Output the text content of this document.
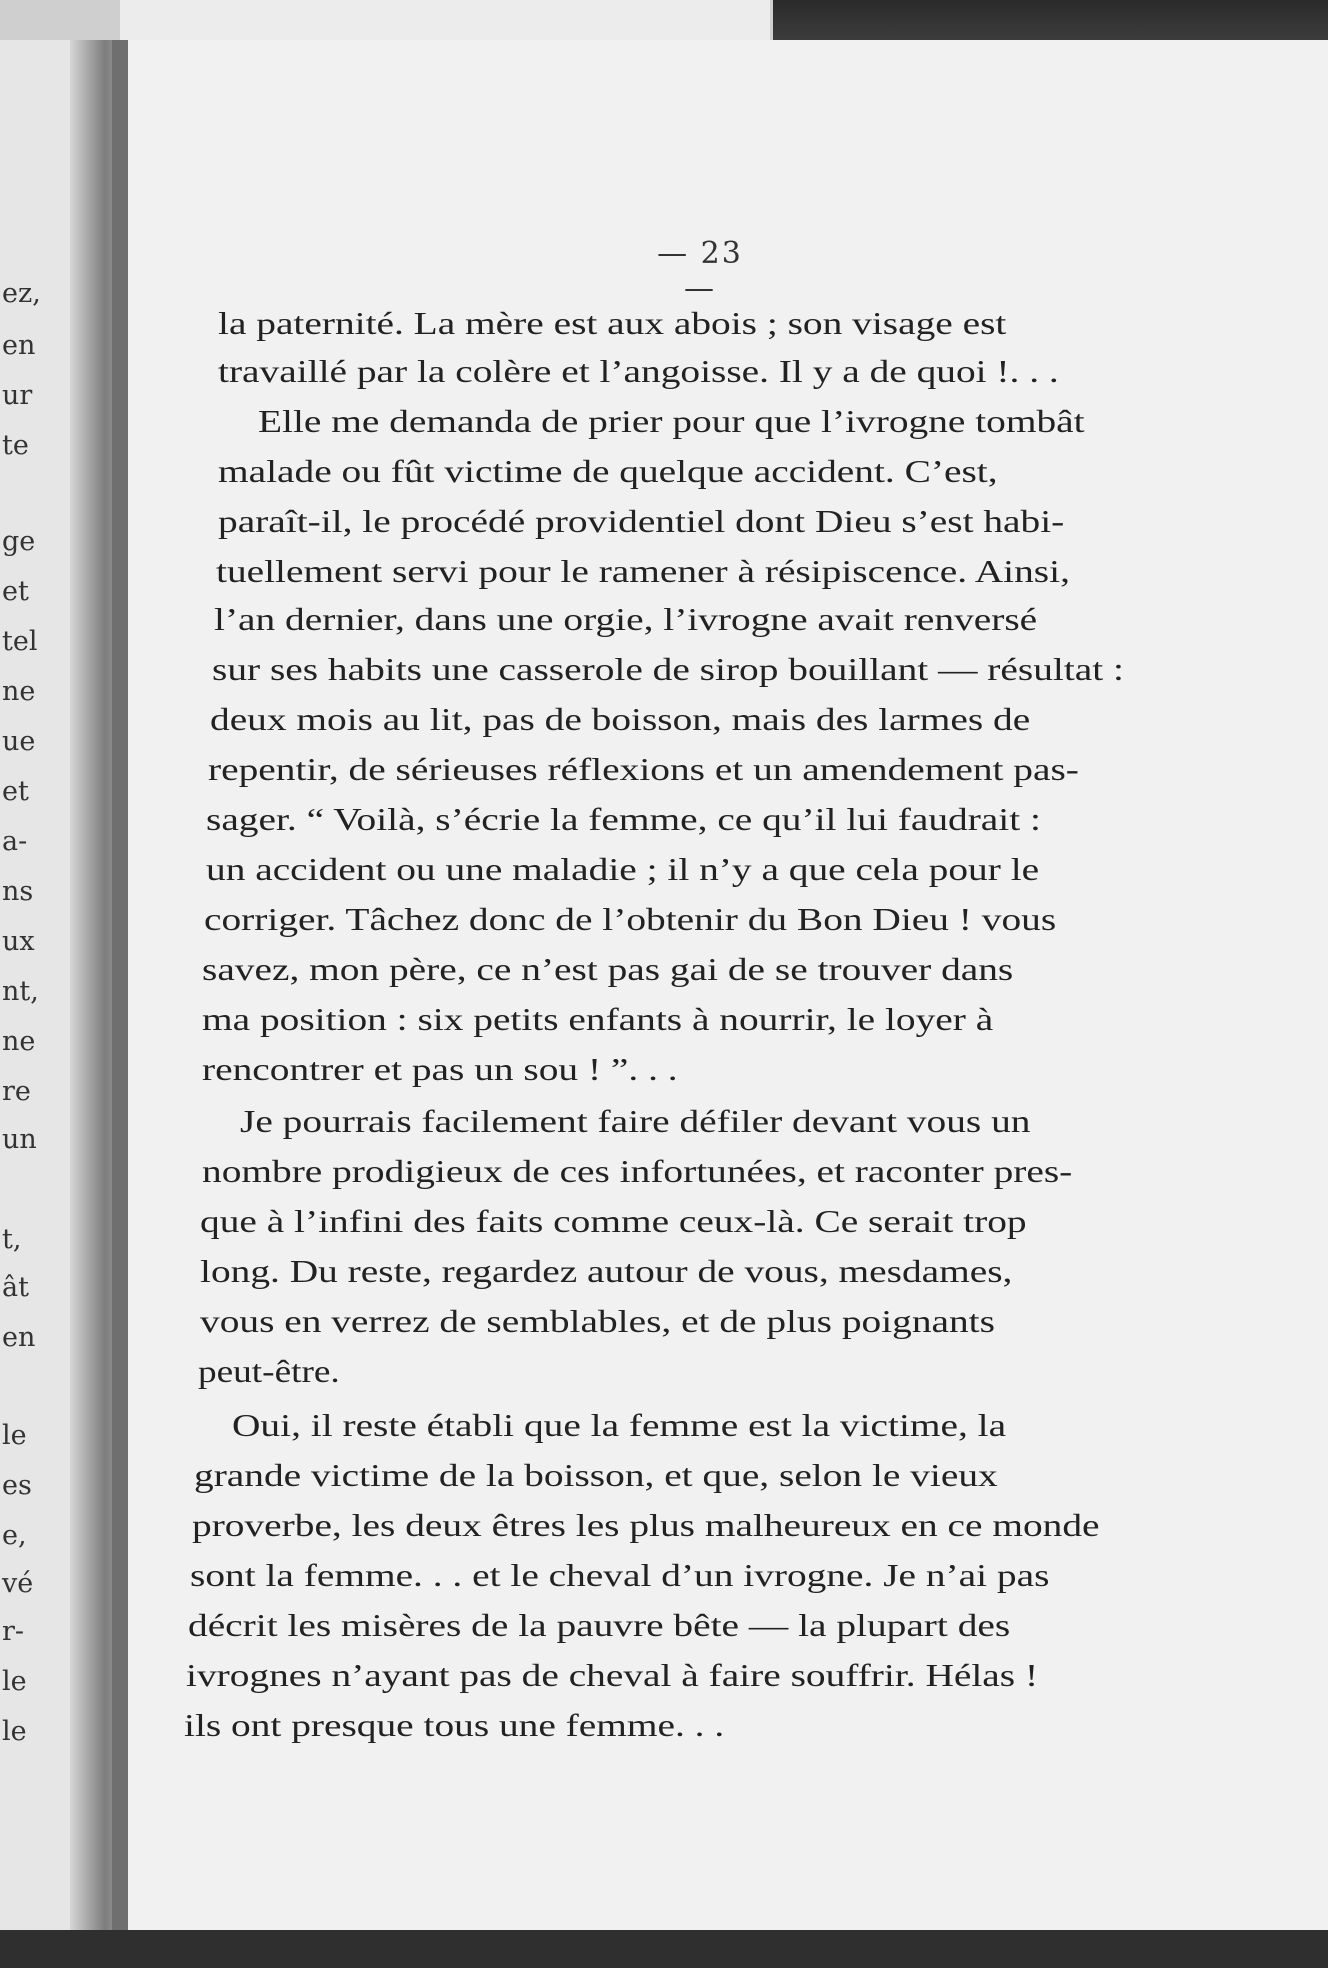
ez,
en
ur
te
ge
et
tel
ne
ue
et
a-
ns
ux
nt,
ne
re
un
t,
ât
en
le
es
e,
vé
r-
le
le
— 23 —
la paternité. La mère est aux abois ; son visage est
travaillé par la colère et l’angoisse. Il y a de quoi !. . .
Elle me demanda de prier pour que l’ivrogne tombât
malade ou fût victime de quelque accident. C’est,
paraît-il, le procédé providentiel dont Dieu s’est habi-
tuellement servi pour le ramener à résipiscence. Ainsi,
l’an dernier, dans une orgie, l’ivrogne avait renversé
sur ses habits une casserole de sirop bouillant — résultat :
deux mois au lit, pas de boisson, mais des larmes de
repentir, de sérieuses réflexions et un amendement pas-
sager. “ Voilà, s’écrie la femme, ce qu’il lui faudrait :
un accident ou une maladie ; il n’y a que cela pour le
corriger. Tâchez donc de l’obtenir du Bon Dieu ! vous
savez, mon père, ce n’est pas gai de se trouver dans
ma position : six petits enfants à nourrir, le loyer à
rencontrer et pas un sou ! ”. . .
Je pourrais facilement faire défiler devant vous un
nombre prodigieux de ces infortunées, et raconter pres-
que à l’infini des faits comme ceux-là. Ce serait trop
long. Du reste, regardez autour de vous, mesdames,
vous en verrez de semblables, et de plus poignants
peut-être.
Oui, il reste établi que la femme est la victime, la
grande victime de la boisson, et que, selon le vieux
proverbe, les deux êtres les plus malheureux en ce monde
sont la femme. . . et le cheval d’un ivrogne. Je n’ai pas
décrit les misères de la pauvre bête — la plupart des
ivrognes n’ayant pas de cheval à faire souffrir. Hélas !
ils ont presque tous une femme. . .
